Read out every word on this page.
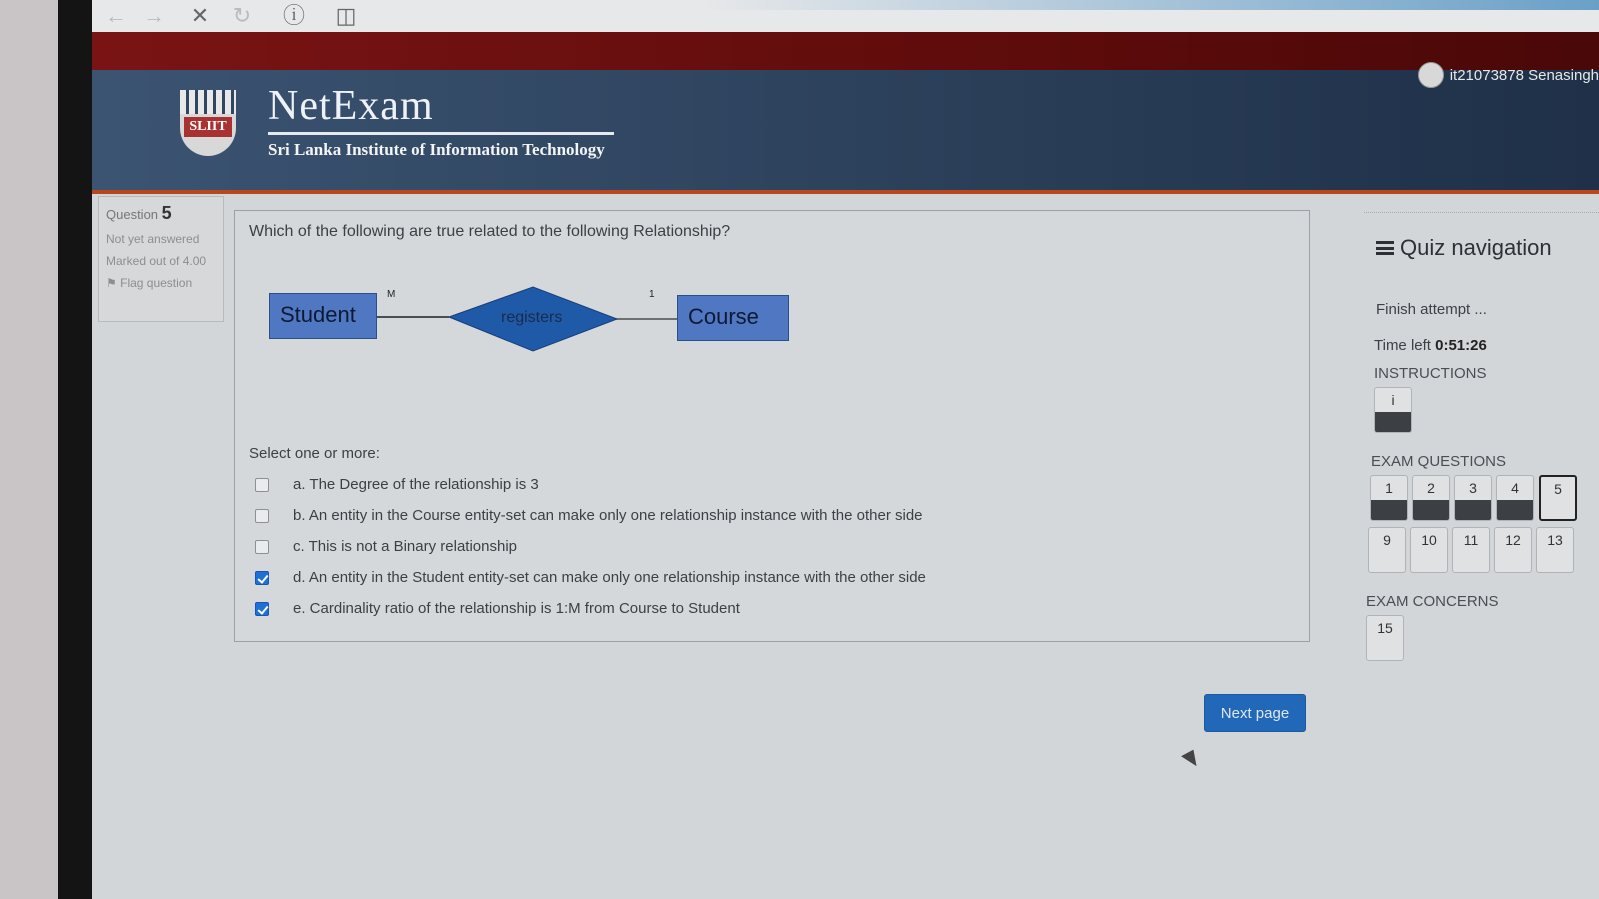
← → ✕ ↻ ⓘ ◫
SLIIT NetExam
Sri Lanka Institute of Information Technology
it21073878 Senasingh
Question 5
Not yet answered
Marked out of 4.00
⚑ Flag question
Which of the following are true related to the following Relationship?
Student	registers	Course
M	1
Select one or more:
a. The Degree of the relationship is 3
b. An entity in the Course entity-set can make only one relationship instance with the other side
c. This is not a Binary relationship
d. An entity in the Student entity-set can make only one relationship instance with the other side
e. Cardinality ratio of the relationship is 1:M from Course to Student
Next page
Quiz navigation
Finish attempt ...
Time left 0:51:26
INSTRUCTIONS
i
EXAM QUESTIONS
1	2	3	4	5
9	10	11	12	13
EXAM CONCERNS
15
